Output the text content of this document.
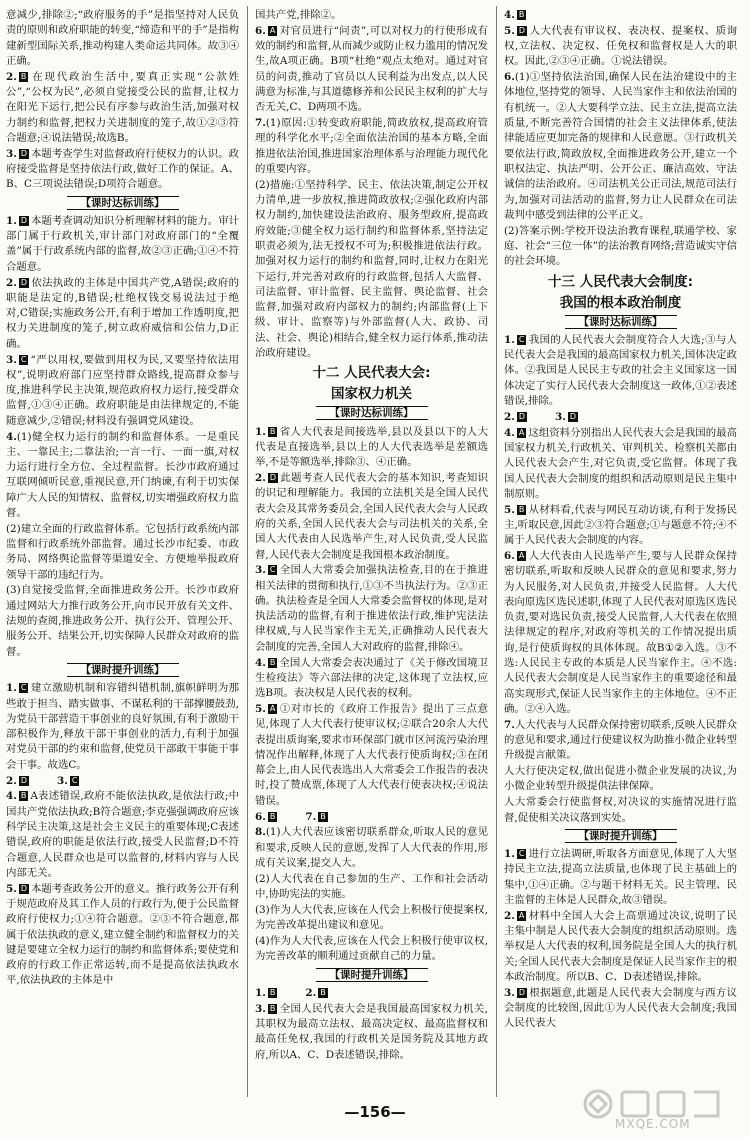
意减少,排除②;“政府服务的手”是指坚持对人民负责的原则和政府职能的转变,“缔造和平的手”是指构建新型国际关系,推动构建人类命运共同体。故③④正确。
2. B 在现代政治生活中,要真正实现“公款姓公”,“公权为民”,必须自觉接受公民的监督,让权力在阳光下运行,把公民有序参与政治生活,加强对权力制约和监督,把权力关进制度的笼子,故①②③符合题意;④说法错误;故选B。
3. D 本题考查学生对监督政府行使权力的认识。政府接受监督是坚持依法行政,做好工作的保证。A、B、C三项说法错误;D项符合题意。
【课时达标训练】
1. D 本题考查调动知识分析理解材料的能力。审计部门属于行政机关,审计部门对政府部门的“全覆盖”属于行政系统内部的监督,故②③正确;①④不符合题意。
2. D 依法执政的主体是中国共产党,A错误;政府的职能是法定的,B错误;杜绝权钱交易说法过于绝对,C错误;实施政务公开,有利于增加工作透明度,把权力关进制度的笼子,树立政府威信和公信力,D正确。
3. C “严以用权,要做到用权为民,又要坚持依法用权”,说明政府部门应坚持群众路线,提高群众参与度,推进科学民主决策,规范政府权力运行,接受群众监督,①③④正确。政府职能是由法律规定的,不能随意减少,②错误;材料没有强调党风建设。
4.(1)健全权力运行的制约和监督体系。一是重民主、一靠民主;二靠法治;一言一行、一面一旗,对权力运行进行全方位、全过程监督。长沙市政府通过互联网倾听民意,重视民意,开门纳谏,有利于切实保障广大人民的知情权、监督权,切实增强政府权力监督。
(2)建立全面的行政监督体系。它包括行政系统内部监督和行政系统外部监督。通过长沙市纪委、市政务局、网络舆论监督等渠道安全、方便地举报政府领导干部的违纪行为。
(3)自觉接受监督,全面推进政务公开。长沙市政府通过网站大力推行政务公开,向市民开放有关文件、法规的查阅,推进政务公开、执行公开、管理公开、服务公开、结果公开,切实保障人民群众对政府的监督。
【课时提升训练】
1. C 建立激励机制和容错纠错机制,旗帜鲜明为那些敢于担当、踏实做事、不谋私利的干部撑腰鼓劲,为党员干部营造干事创业的良好氛围,有利于激励干部积极作为,释放干部干事创业的活力,有利于加强对党员干部的约束和监督,使党员干部敢干事能干事会干事。故选C。
2. D	3. C
4. B A表述错误,政府不能依法执政,是依法行政;中国共产党依法执政;B符合题意;李克强强调政府应该科学民主决策,这是社会主义民主的重要体现;C表述错误,政府的职能是依法行政,接受人民监督;D不符合题意,人民群众也是可以监督的,材料内容与人民内部无关。
5. D 本题考查政务公开的意义。推行政务公开有利于规范政府及其工作人员的行政行为,便于公民监督政府行使权力;①④符合题意。②③不符合题意,都属于依法执政的意义,建立健全制约和监督权力的关键是要建立全权力运行的制约和监督体系;要使党和政府的行政工作正常运转,而不是提高依法执政水平,依法执政的主体是中
国共产党,排除②。
6. A 对官员进行“问责”,可以对权力的行使形成有效的制约和监督,从而减少或防止权力滥用的情况发生,故A项正确。B项“杜绝”观点太绝对。通过对官员的问责,推动了官员以人民利益为出发点,以人民满意为标准,与其道德修养和公民民主权利的扩大与否无关,C、D两项不选。
7.(1)原因:①转变政府职能,简政放权,提高政府管理的科学化水平;②全面依法治国的基本方略,全面推进依法治国,推进国家治理体系与治理能力现代化的重要内容。
(2)措施:①坚持科学、民主、依法决策,制定公开权力清单,进一步放权,推进简政放权;②强化政府内部权力制约,加快建设法治政府、服务型政府,提高政府效能;③健全权力运行制约和监督体系,坚持法定职责必须为,法无授权不可为;积极推进依法行政。加强对权力运行的制约和监督,同时,让权力在阳光下运行,并完善对政府的行政监督,包括人大监督、司法监督、审计监督、民主监督、舆论监督、社会监督,加强对政府内部权力的制约;内部监督(上下级、审计、监察等)与外部监督(人大、政协、司法、社会、舆论)相结合,健全权力运行体系,推动法治政府建设。
十二 人民代表大会:
国家权力机关
【课时达标训练】
1. B 省人大代表是间接选举,县以及县以下的人大代表是直接选举,县以上的人大代表选举是差额选举,不是等额选举,排除③、④正确。
2. D 此题考查人民代表大会的基本知识,考查知识的识记和理解能力。我国的立法机关是全国人民代表大会及其常务委员会,全国人民代表大会与人民政府的关系,全国人民代表大会与司法机关的关系,全国人大代表由人民选举产生,对人民负责,受人民监督,人民代表大会制度是我国根本政治制度。
3. C 全国人大常委会加强执法检查,目的在于推进相关法律的贯彻和执行,①③不当执法行为。②③正确。执法检查是全国人大常委会监督权的体现,是对执法活动的监督,有利于推进依法行政,维护宪法法律权威,与人民当家作主无关,正确推动人民代表大会制度的完善,全国人大对政府的监督,排除④。
4. B 全国人大常委会表决通过了《关于修改国境卫生检疫法》等六部法律的决定,这体现了立法权,应选B项。表决权是人民代表的权利。
5. A ①对市长的《政府工作报告》提出了三点意见,体现了人大代表行使审议权;②联合20余人大代表提出质询案,要求市环保部门就市区河流污染治理情况作出解释,体现了人大代表行使质询权;③在闭幕会上,由人民代表选出人大常委会工作报告的表决时,投了赞成票,体现了人大代表行使表决权;④说法错误。
6. B	7. B
8.(1)人大代表应该密切联系群众,听取人民的意见和要求,反映人民的意愿,发挥了人大代表的作用,形成有关议案,提交人大。
(2)人大代表在自己参加的生产、工作和社会活动中,协助宪法的实施。
(3)作为人大代表,应该在人代会上积极行使提案权,为完善改革提出建议和意见。
(4)作为人大代表,应该在人代会上积极行使审议权,为完善改革的顺利通过贡献自己的力量。
【课时提升训练】
1. B	2. B
3. B 全国人民代表大会是我国最高国家权力机关,其职权为最高立法权、最高决定权、最高监督权和最高任免权,我国的行政机关是国务院及其地方政府,所以A、C、D表述错误,排除。
4. B
5. D 人大代表有审议权、表决权、提案权、质询权,立法权、决定权、任免权和监督权是人大的职权。因此,②③④正确。①说法错误。
6.(1)①坚持依法治国,确保人民在法治建设中的主体地位,坚持党的领导、人民当家作主和依法治国的有机统一。②人大要科学立法、民主立法,提高立法质量,不断完善符合国情的社会主义法律体系,使法律能适应更加完备的规律和人民意愿。③行政机关要依法行政,简政放权,全面推进政务公开,建立一个职权法定、执法严明、公开公正、廉洁高效、守法诚信的法治政府。④司法机关公正司法,规范司法行为,加强对司法活动的监督,努力让人民群众在司法裁判中感受到法律的公平正义。
(2)答案示例:学校开设法治教育课程,联通学校、家庭、社会“三位一体”的法治教育网络;营造诚实守信的社会环境。
十三 人民代表大会制度:
我国的根本政治制度
【课时达标训练】
1. C 我国的人民代表大会制度符合人大选;③与人民代表大会是我国的最高国家权力机关,国体决定政体。②我国是人民民主专政的社会主义国家这一国体决定了实行人民代表大会制度这一政体,①②表述错误,排除。
2. D	3. D
4. A 这组资料分别指出人民代表大会是我国的最高国家权力机关,行政机关、审判机关、检察机关都由人民代表大会产生,对它负责,受它监督。体现了我国人民代表大会制度的组织和活动原则是民主集中制原则。
5. B 从材料看,代表与网民互动访谈,有利于发扬民主,听取民意,因此②③符合题意;①与题意不符;④不属于人民代表大会制度的内容。
6. A 人大代表由人民选举产生,要与人民群众保持密切联系,听取和反映人民群众的意见和要求,努力为人民服务,对人民负责,并接受人民监督。人大代表向原选区选民述职,体现了人民代表对原选区选民负责,要对选民负责,接受人民监督,人大代表在依照法律规定的程序,对政府等机关的工作情况提出质询,是行使质询权的具体体现。故B①②入选。③不选:人民民主专政的本质是人民当家作主。④不选:人民代表大会制度是人民当家作主的重要途径和最高实现形式,保证人民当家作主的主体地位。④不正确。②④入选。
7.人大代表与人民群众保持密切联系,反映人民群众的意见和要求,通过行使建议权为助推小微企业转型升级提言献策。
人大行使决定权,做出促进小微企业发展的决议,为小微企业转型升级提供法律保障。
人大常委会行使监督权,对决议的实施情况进行监督,促使相关决议落到实处。
【课时提升训练】
1. C 进行立法调研,听取各方面意见,体现了人大坚持民主立法,提高立法质量,也体现了民主基础上的集中,①④正确。②与题干材料无关。民主管理、民主监督的主体是人民群众,故③错误。
2. A 材料中全国人大会上高票通过决议,说明了民主集中制是人民代表大会制度的组织活动原则。选举权是人大代表的权利,国务院是全国人大的执行机关;全国人民代表大会制度是保证人民当家作主的根本政治制度。所以B、C、D表述错误,排除。
3. D 根据题意,此题是人民代表大会制度与西方议会制度的比较图,因此①为人民代表大会制度;我国人民代表大
—156—
MXQE.COM
